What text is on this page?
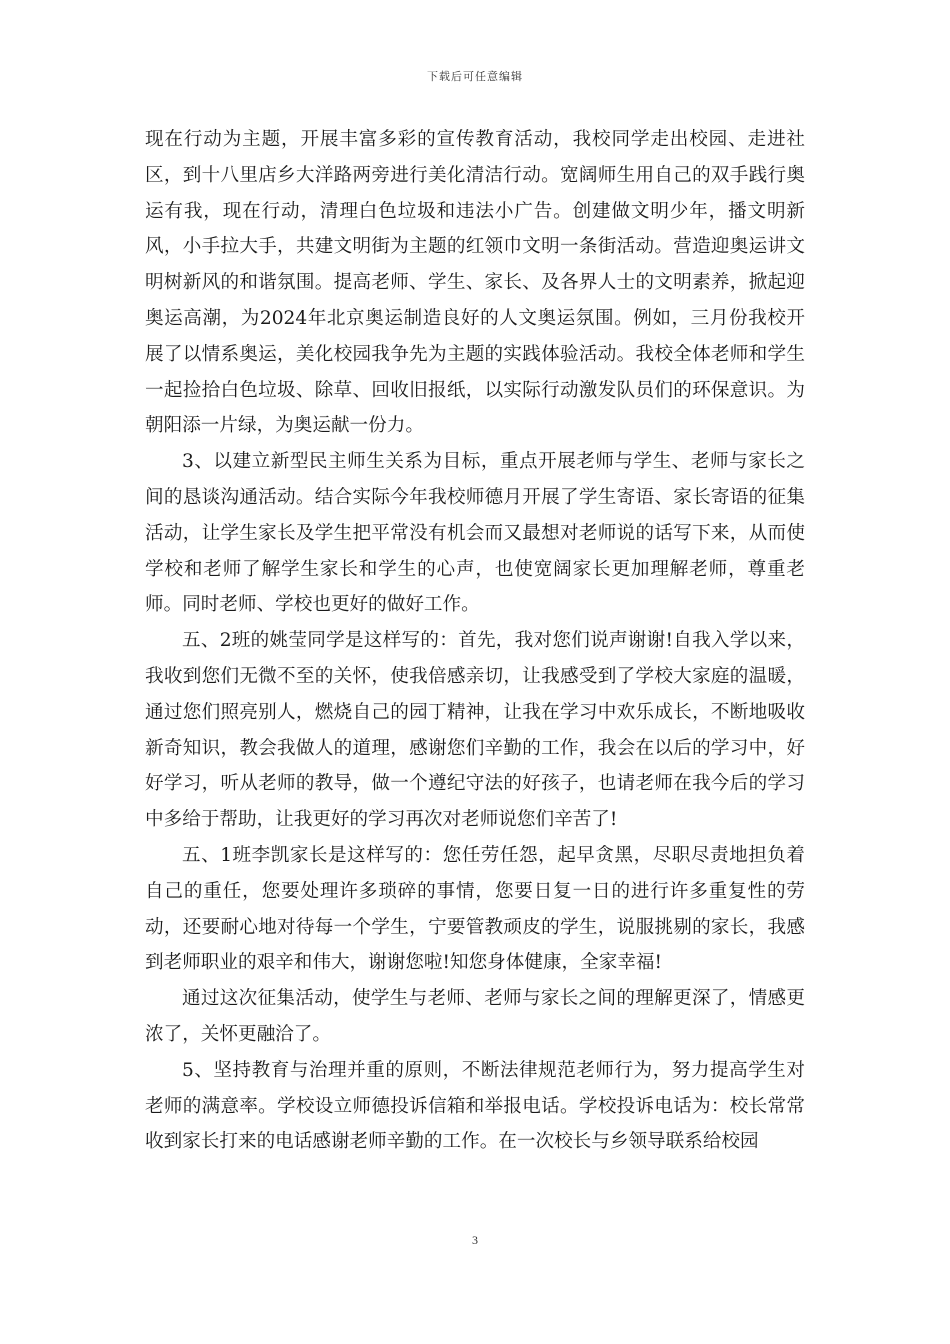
下载后可任意编辑

现在行动为主题，开展丰富多彩的宣传教育活动，我校同学走出校园、走进社区，到十八里店乡大洋路两旁进行美化清洁行动。宽阔师生用自己的双手践行奥运有我，现在行动，清理白色垃圾和违法小广告。创建做文明少年，播文明新风，小手拉大手，共建文明街为主题的红领巾文明一条街活动。营造迎奥运讲文明树新风的和谐氛围。提高老师、学生、家长、及各界人士的文明素养，掀起迎奥运高潮，为2024年北京奥运制造良好的人文奥运氛围。例如，三月份我校开展了以情系奥运，美化校园我争先为主题的实践体验活动。我校全体老师和学生一起捡拾白色垃圾、除草、回收旧报纸，以实际行动激发队员们的环保意识。为朝阳添一片绿，为奥运献一份力。

3、以建立新型民主师生关系为目标，重点开展老师与学生、老师与家长之间的恳谈沟通活动。结合实际今年我校师德月开展了学生寄语、家长寄语的征集活动，让学生家长及学生把平常没有机会而又最想对老师说的话写下来，从而使学校和老师了解学生家长和学生的心声，也使宽阔家长更加理解老师，尊重老师。同时老师、学校也更好的做好工作。

五、2班的姚莹同学是这样写的：首先，我对您们说声谢谢!自我入学以来，我收到您们无微不至的关怀，使我倍感亲切，让我感受到了学校大家庭的温暖，通过您们照亮别人，燃烧自己的园丁精神，让我在学习中欢乐成长，不断地吸收新奇知识，教会我做人的道理，感谢您们辛勤的工作，我会在以后的学习中，好好学习，听从老师的教导，做一个遵纪守法的好孩子，也请老师在我今后的学习中多给于帮助，让我更好的学习再次对老师说您们辛苦了!

五、1班李凯家长是这样写的：您任劳任怨，起早贪黑，尽职尽责地担负着自己的重任，您要处理许多琐碎的事情，您要日复一日的进行许多重复性的劳动，还要耐心地对待每一个学生，宁要管教顽皮的学生，说服挑剔的家长，我感到老师职业的艰辛和伟大，谢谢您啦!知您身体健康，全家幸福!

通过这次征集活动，使学生与老师、老师与家长之间的理解更深了，情感更浓了，关怀更融洽了。

5、坚持教育与治理并重的原则，不断法律规范老师行为，努力提高学生对老师的满意率。学校设立师德投诉信箱和举报电话。学校投诉电话为：校长常常收到家长打来的电话感谢老师辛勤的工作。在一次校长与乡领导联系给校园

3
